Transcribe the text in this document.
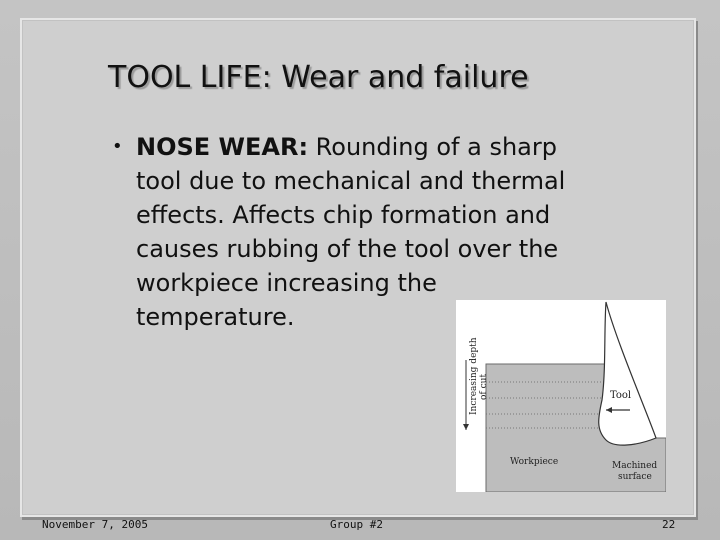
TOOL LIFE: Wear and failure
• NOSE WEAR: Rounding of a sharp
tool due to mechanical and thermal
effects. Affects chip formation and
causes rubbing of the tool over the
workpiece increasing the
temperature.

Increasing depth of cut	Tool
Workpiece	Machined
surface
November 7, 2005	Group #2	22
